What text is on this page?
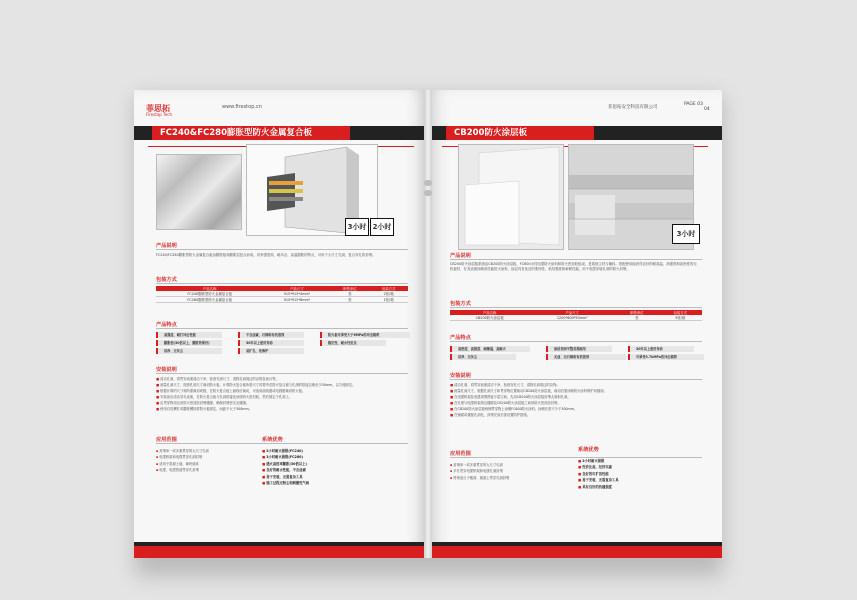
菲思拓
Firestop Tech
www.firestop.cn
FC240&FC280膨胀型防火金属复合板
3小时 2小时
产品说明
FC240/FC280膨胀型防火金属复合板由膨胀板和膨胀层复合而成，具有强度高、耐冲击、高温膨胀的特点，可用于大尺寸孔洞、复合穿孔的封堵。
包装方式
产品名称	产品尺寸	销售单位	包装方式
FC240膨胀型防火金属复合板	915*915*4mm²	张	2张/箱
FC280膨胀型防火金属复合板	915*915*8mm²	张	1张/箱
产品特点
高强度、耐打冲击性能	不含卤素，石棉和有机溶剂	防火板可承受大于6MPa的冲击载荷
膨胀倍(30倍以上，膨胀效果好)	30年以上使用寿命	稳定性、耐水性优良
洁净、无灰尘	易扩孔、免维护
安装说明
■ 清洁孔洞，将贯穿表面清洁干净，检查孔洞尺寸，清除孔洞周边的杂物及油污等。
■ 测量孔洞尺寸，按照孔洞尺寸裁切防火板，计算防火复合板所需尺寸时要考虑防火复合板与孔洞的搭接边缘至少50mm，以方便固定。
■ 根据计算的尺寸和所需裁切块数，在防火复合板上画线后裁切，可选用曲线锯或电圆锯裁切防火板。
■ 安装前应清洁穿孔表面，在防火复合板与孔洞搭接处涂抹防火密封胶，然后固定于孔洞上。
■ 沿贯穿物周边用防火密封胶封堵缝隙，确保封堵密实无缝隙。
■ 使用自攻螺钉或膨胀螺栓将防火板固定，间距不大于300mm。
应用范围
▪ 封堵单一或多重贯穿的大尺寸孔洞
▪ 电缆桥架和电缆贯穿孔洞封堵
▪ 适用于混凝土墙、砌块墙体
▪ 电缆、电缆管道等穿孔封堵
系统优势
■ 2小时耐火极限(FC240)
■ 3小时耐火极限(FC280)
■ 遇火高倍率膨胀(30倍以上)
■ 良好的耐水性能，不含卤素
■ 易于安装，无需复杂工具
■ 施工过程无粉尘和刺激性气味
菲思拓安全科技有限公司
PAGE 03
04
CB200防火涂层板
3小时
产品说明
CB200防火涂层板系统由CB200防火涂层板、FC600水性电缆防火涂料和防火密封胶组成，是系统主材与辅料。搭配使用能获得良好的耐高温、高强度和高密度的无机板材，在其表面涂刷高性能防火涂料，涂层具有优良的柔韧性、粘结强度和耐候性能，用于电缆穿墙孔洞的防火封堵。
包装方式
产品名称	产品尺寸	销售单位	包装方式
CB200防火涂层板	1200*600*50mm²	张	5张/箱
产品特点
高密度、高强度、耐潮湿、高耐火	涂层表面平整美观耐用	30年以上使用寿命
洁净、无灰尘	无卤、无石棉和有机溶剂	可承受3.7kMPa的冲击载荷
安装说明
■ 清洁孔洞，将贯穿表面清洁干净，检查穿孔尺寸，清除孔洞周边的杂物。
■ 测量孔洞尺寸，根据孔洞尺寸和贯穿物位置裁切CB200防火涂层板，裁切后需涂刷防火涂料保护切割面。
■ 在电缆桥架及电缆周围预留少量空间，先用CB200防火涂层板封堵大面积孔洞。
■ 在孔壁与电缆桥架周边缝隙及CB200防火涂层板之间用防火密封胶封堵。
■ 在CB200防火涂层板两侧贯穿物上涂刷FC600防火涂料，涂刷长度不少于300mm。
■ 在铺面或楼板孔洞处，封堵完成后需设置防护措施。
应用范围
▪ 封堵单一或多重贯穿的大尺寸孔洞
▪ 多孔贯穿电缆桥架和电缆孔洞封堵
▪ 特别适合于楼面、墙面上贯穿孔洞封堵
系统优势
■ 2小时耐火极限
■ 性价比高，经济实惠
■ 良好的可扩容性能
■ 易于安装，无需复杂工具
■ 具有良好的抗撞强度
